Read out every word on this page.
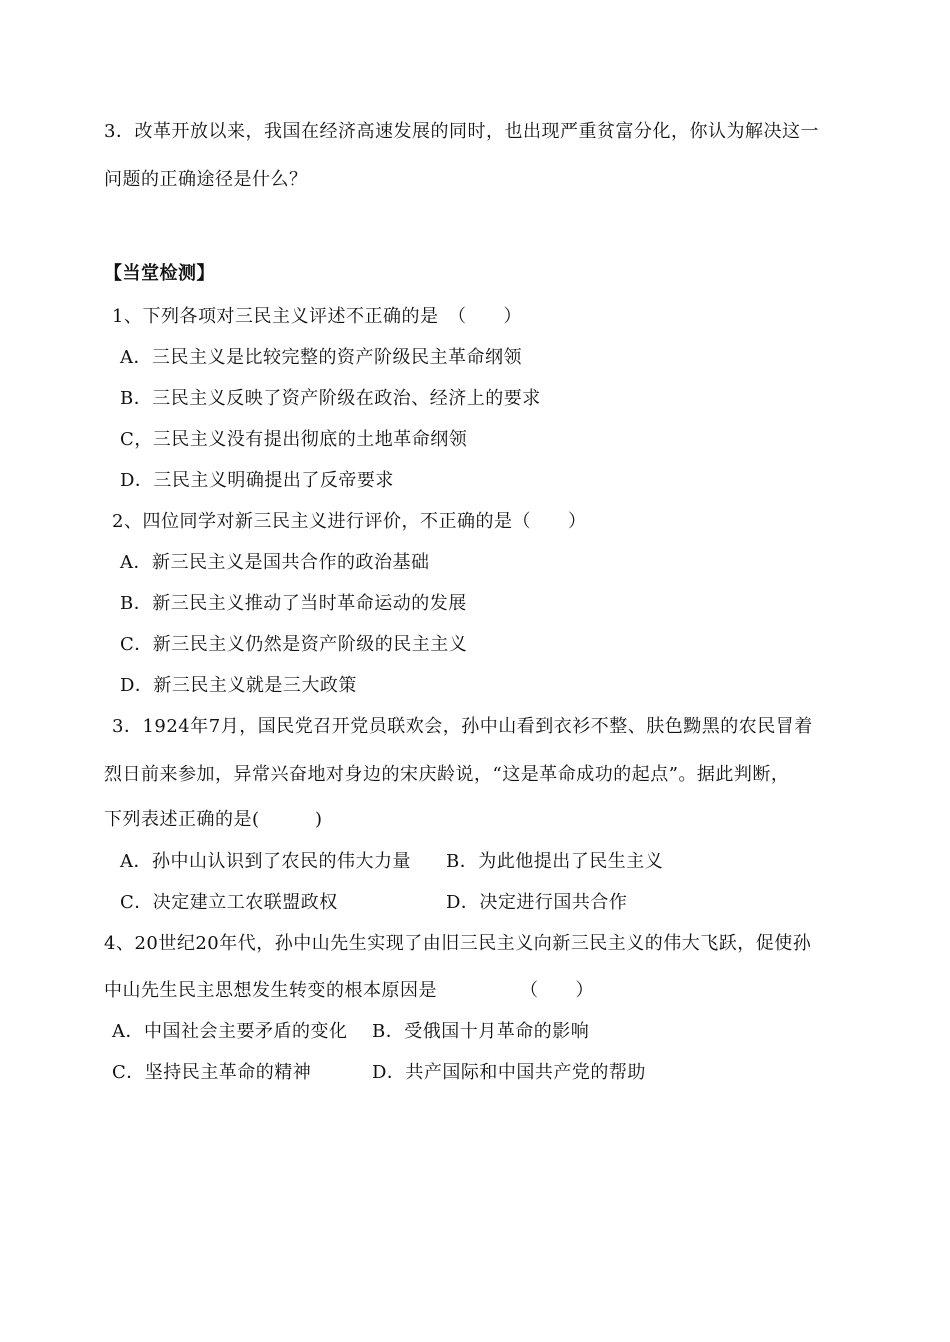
3．改革开放以来，我国在经济高速发展的同时，也出现严重贫富分化，你认为解决这一
问题的正确途径是什么？
【当堂检测】
1、下列各项对三民主义评述不正确的是　（　　）
A．三民主义是比较完整的资产阶级民主革命纲领
B．三民主义反映了资产阶级在政治、经济上的要求
C，三民主义没有提出彻底的土地革命纲领
D．三民主义明确提出了反帝要求
2、四位同学对新三民主义进行评价，不正确的是（　　）
A．新三民主义是国共合作的政治基础
B．新三民主义推动了当时革命运动的发展
C．新三民主义仍然是资产阶级的民主主义
D．新三民主义就是三大政策
3．1924年7月，国民党召开党员联欢会，孙中山看到衣衫不整、肤色黝黑的农民冒着
烈日前来参加，异常兴奋地对身边的宋庆龄说，“这是革命成功的起点”。据此判断，
下列表述正确的是(　　　)
A．孙中山认识到了农民的伟大力量 B．为此他提出了民生主义
C．决定建立工农联盟政权	D．决定进行国共合作
4、20世纪20年代，孙中山先生实现了由旧三民主义向新三民主义的伟大飞跃，促使孙
中山先生民主思想发生转变的根本原因是	（　　）
A．中国社会主要矛盾的变化 B．受俄国十月革命的影响
C．坚持民主革命的精神	D．共产国际和中国共产党的帮助
